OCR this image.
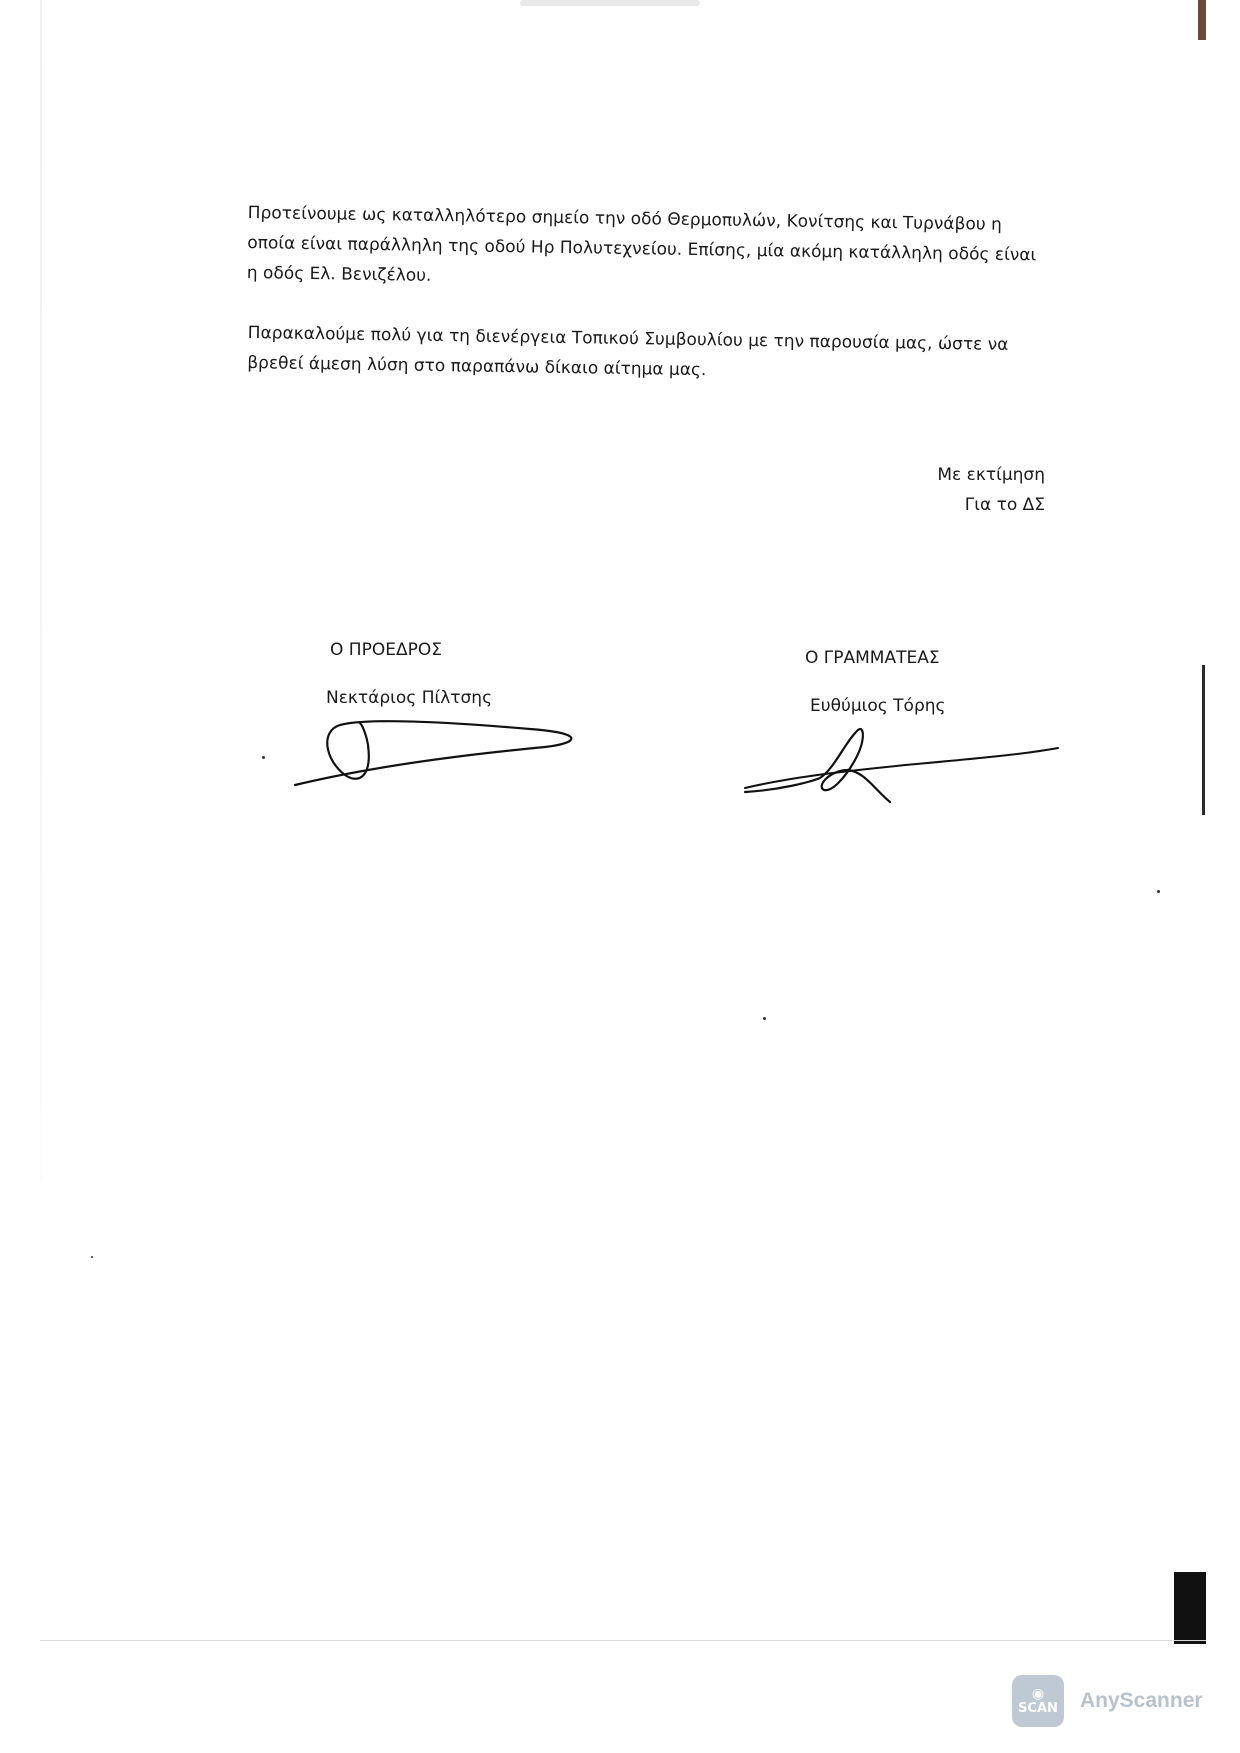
Προτείνουμε ως καταλληλότερο σημείο την οδό Θερμοπυλών, Κονίτσης και Τυρνάβου η οποία είναι παράλληλη της οδού Ηρ Πολυτεχνείου. Επίσης, μία ακόμη κατάλληλη οδός είναι η οδός Ελ. Βενιζέλου.

Παρακαλούμε πολύ για τη διενέργεια Τοπικού Συμβουλίου με την παρουσία μας, ώστε να βρεθεί άμεση λύση στο παραπάνω δίκαιο αίτημα μας.

Με εκτίμηση
Για το ΔΣ
Ο ΠΡΟΕΔΡΟΣ
Νεκτάριος Πίλτσης
Ο ΓΡΑΜΜΑΤΕΑΣ
Ευθύμιος Τόρης
◉
SCAN AnyScanner
